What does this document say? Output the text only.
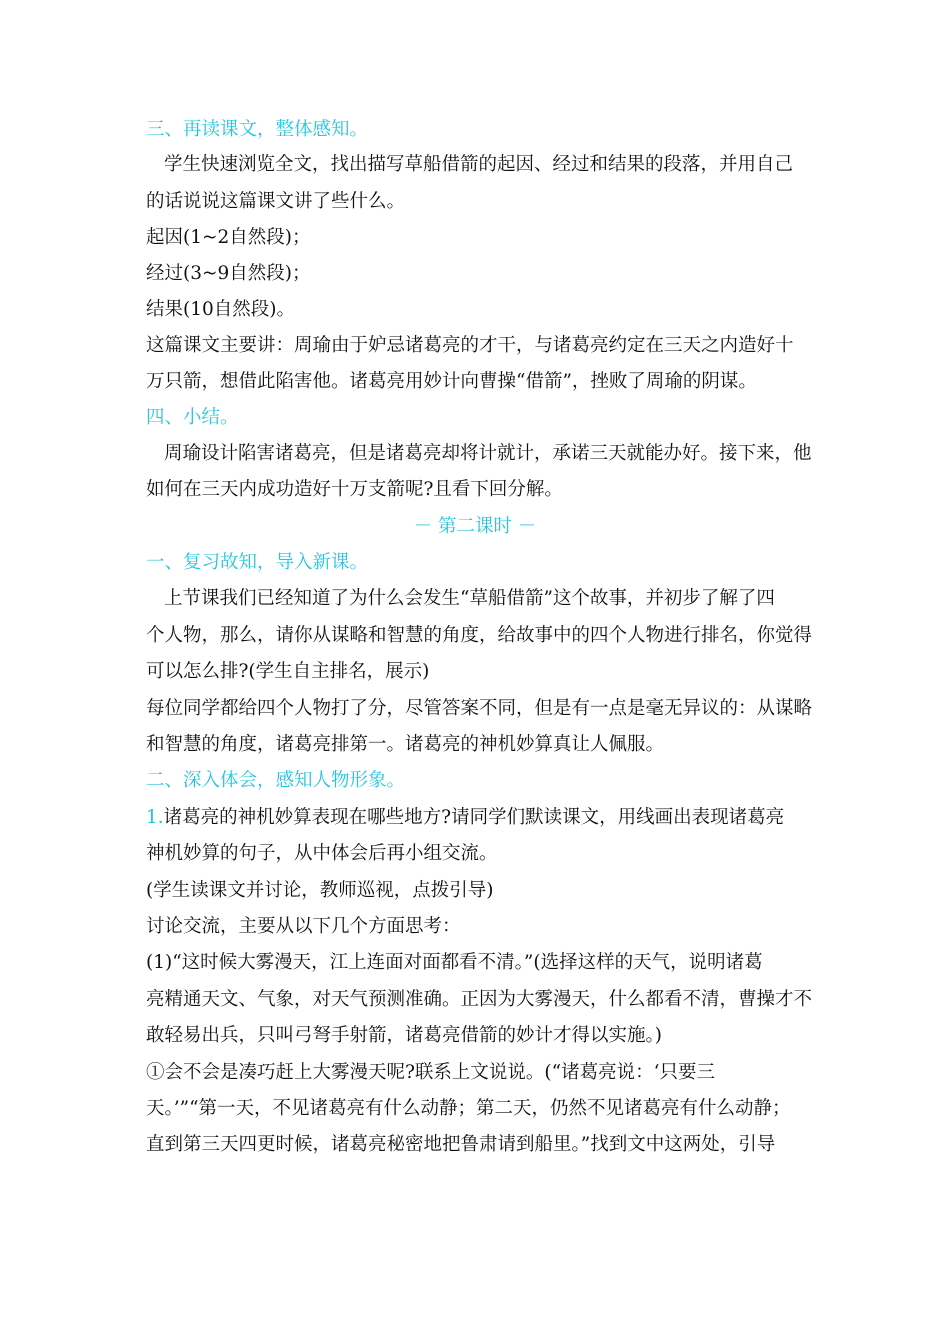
三、再读课文，整体感知。
学生快速浏览全文，找出描写草船借箭的起因、经过和结果的段落，并用自己
的话说说这篇课文讲了些什么。
起因(1~2自然段)；
经过(3~9自然段)；
结果(10自然段)。
这篇课文主要讲：周瑜由于妒忌诸葛亮的才干，与诸葛亮约定在三天之内造好十
万只箭，想借此陷害他。诸葛亮用妙计向曹操“借箭”，挫败了周瑜的阴谋。
四、小结。
周瑜设计陷害诸葛亮，但是诸葛亮却将计就计，承诺三天就能办好。接下来，他
如何在三天内成功造好十万支箭呢?且看下回分解。
－ 第二课时 －
一、复习故知，导入新课。
上节课我们已经知道了为什么会发生“草船借箭”这个故事，并初步了解了四
个人物，那么，请你从谋略和智慧的角度，给故事中的四个人物进行排名，你觉得
可以怎么排?(学生自主排名，展示)
每位同学都给四个人物打了分，尽管答案不同，但是有一点是毫无异议的：从谋略
和智慧的角度，诸葛亮排第一。诸葛亮的神机妙算真让人佩服。
二、深入体会，感知人物形象。
1.诸葛亮的神机妙算表现在哪些地方?请同学们默读课文，用线画出表现诸葛亮
神机妙算的句子，从中体会后再小组交流。
(学生读课文并讨论，教师巡视，点拨引导)
讨论交流，主要从以下几个方面思考：
(1)“这时候大雾漫天，江上连面对面都看不清。”(选择这样的天气，说明诸葛
亮精通天文、气象，对天气预测准确。正因为大雾漫天，什么都看不清，曹操才不
敢轻易出兵，只叫弓弩手射箭，诸葛亮借箭的妙计才得以实施。)
①会不会是凑巧赶上大雾漫天呢?联系上文说说。(“诸葛亮说：‘只要三
天。’”“第一天，不见诸葛亮有什么动静；第二天，仍然不见诸葛亮有什么动静；
直到第三天四更时候，诸葛亮秘密地把鲁肃请到船里。”找到文中这两处，引导
